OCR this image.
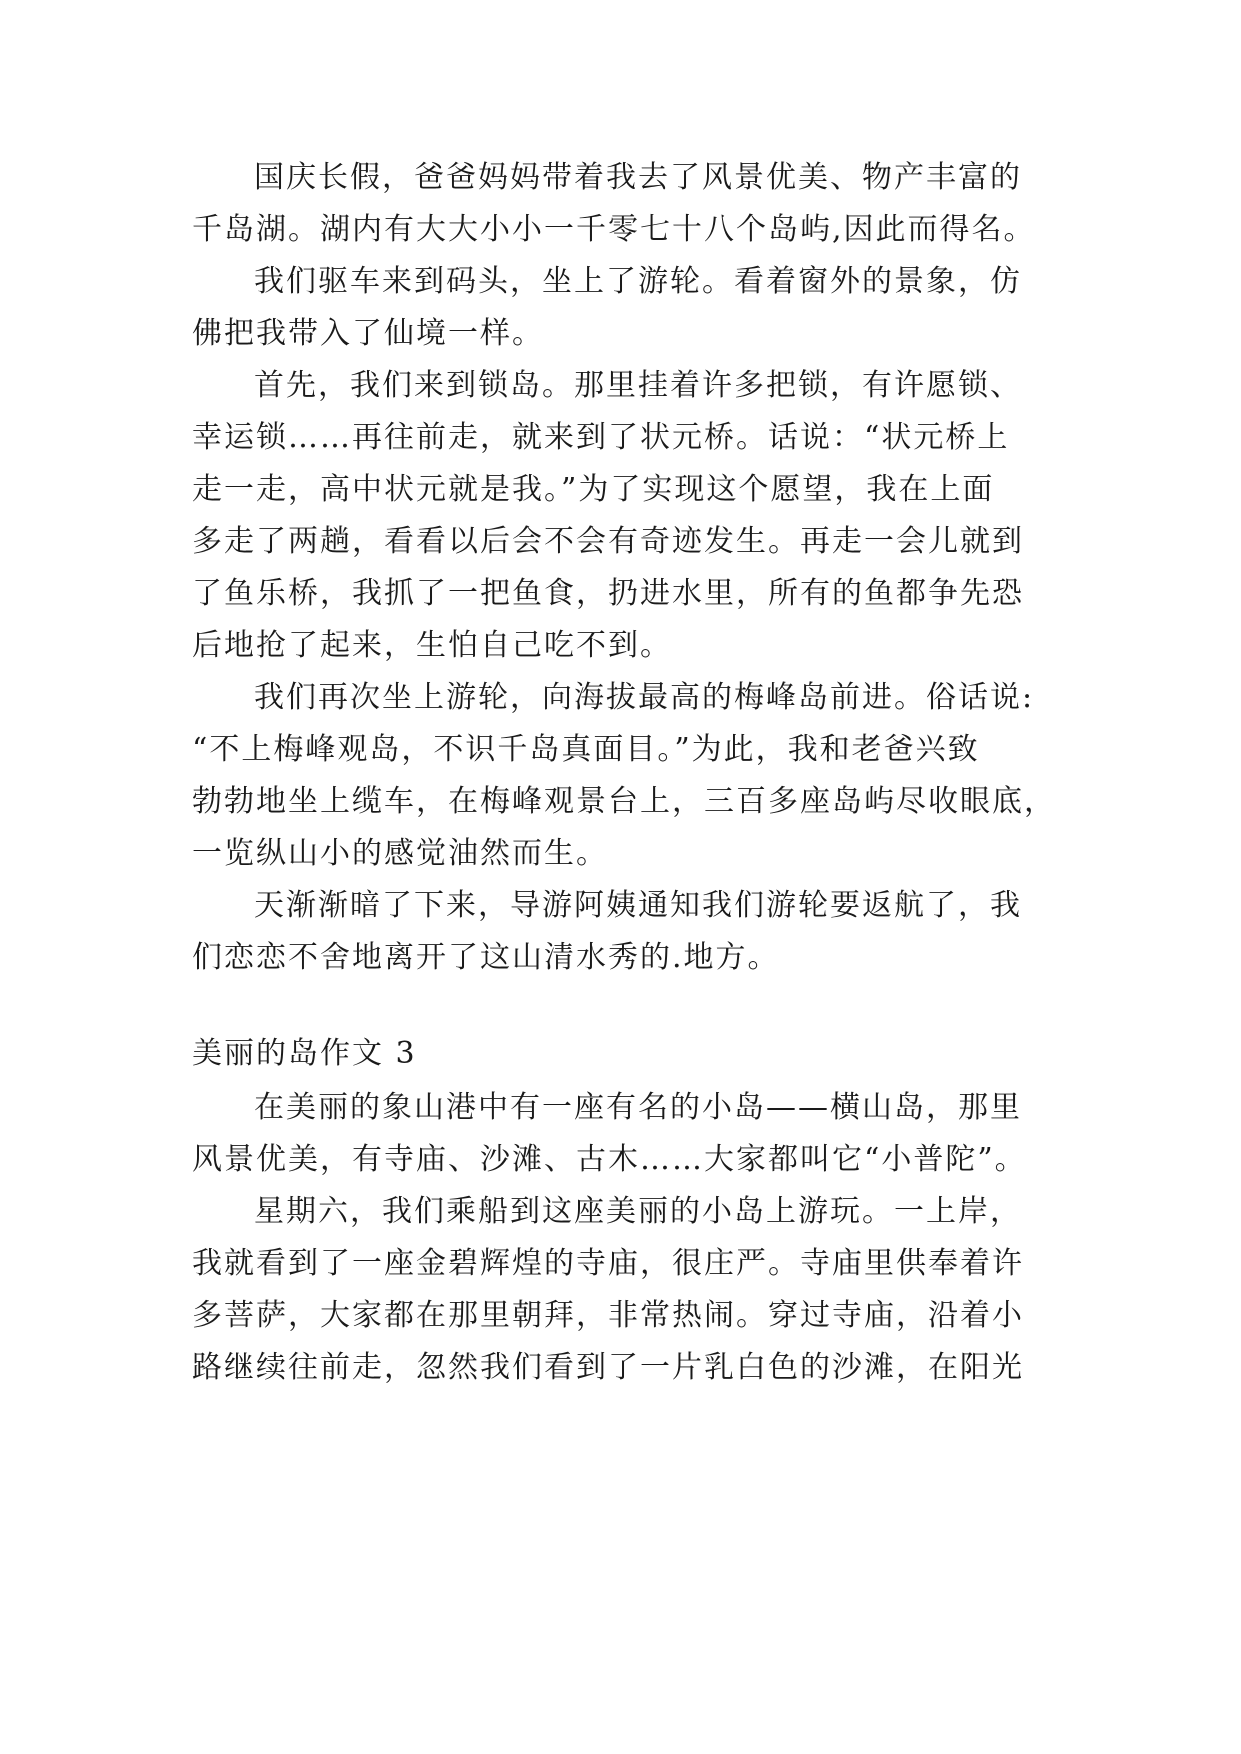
国庆长假，爸爸妈妈带着我去了风景优美、物产丰富的
千岛湖。湖内有大大小小一千零七十八个岛屿,因此而得名。
我们驱车来到码头，坐上了游轮。看着窗外的景象，仿
佛把我带入了仙境一样。
首先，我们来到锁岛。那里挂着许多把锁，有许愿锁、
幸运锁……再往前走，就来到了状元桥。话说：“状元桥上
走一走，高中状元就是我。”为了实现这个愿望，我在上面
多走了两趟，看看以后会不会有奇迹发生。再走一会儿就到
了鱼乐桥，我抓了一把鱼食，扔进水里，所有的鱼都争先恐
后地抢了起来，生怕自己吃不到。
我们再次坐上游轮，向海拔最高的梅峰岛前进。俗话说:
“不上梅峰观岛，不识千岛真面目。”为此，我和老爸兴致
勃勃地坐上缆车，在梅峰观景台上，三百多座岛屿尽收眼底，
一览纵山小的感觉油然而生。
天渐渐暗了下来，导游阿姨通知我们游轮要返航了，我
们恋恋不舍地离开了这山清水秀的.地方。
美丽的岛作文 3
在美丽的象山港中有一座有名的小岛——横山岛，那里
风景优美，有寺庙、沙滩、古木……大家都叫它“小普陀”。
星期六，我们乘船到这座美丽的小岛上游玩。一上岸，
我就看到了一座金碧辉煌的寺庙，很庄严。寺庙里供奉着许
多菩萨，大家都在那里朝拜，非常热闹。穿过寺庙，沿着小
路继续往前走，忽然我们看到了一片乳白色的沙滩，在阳光
